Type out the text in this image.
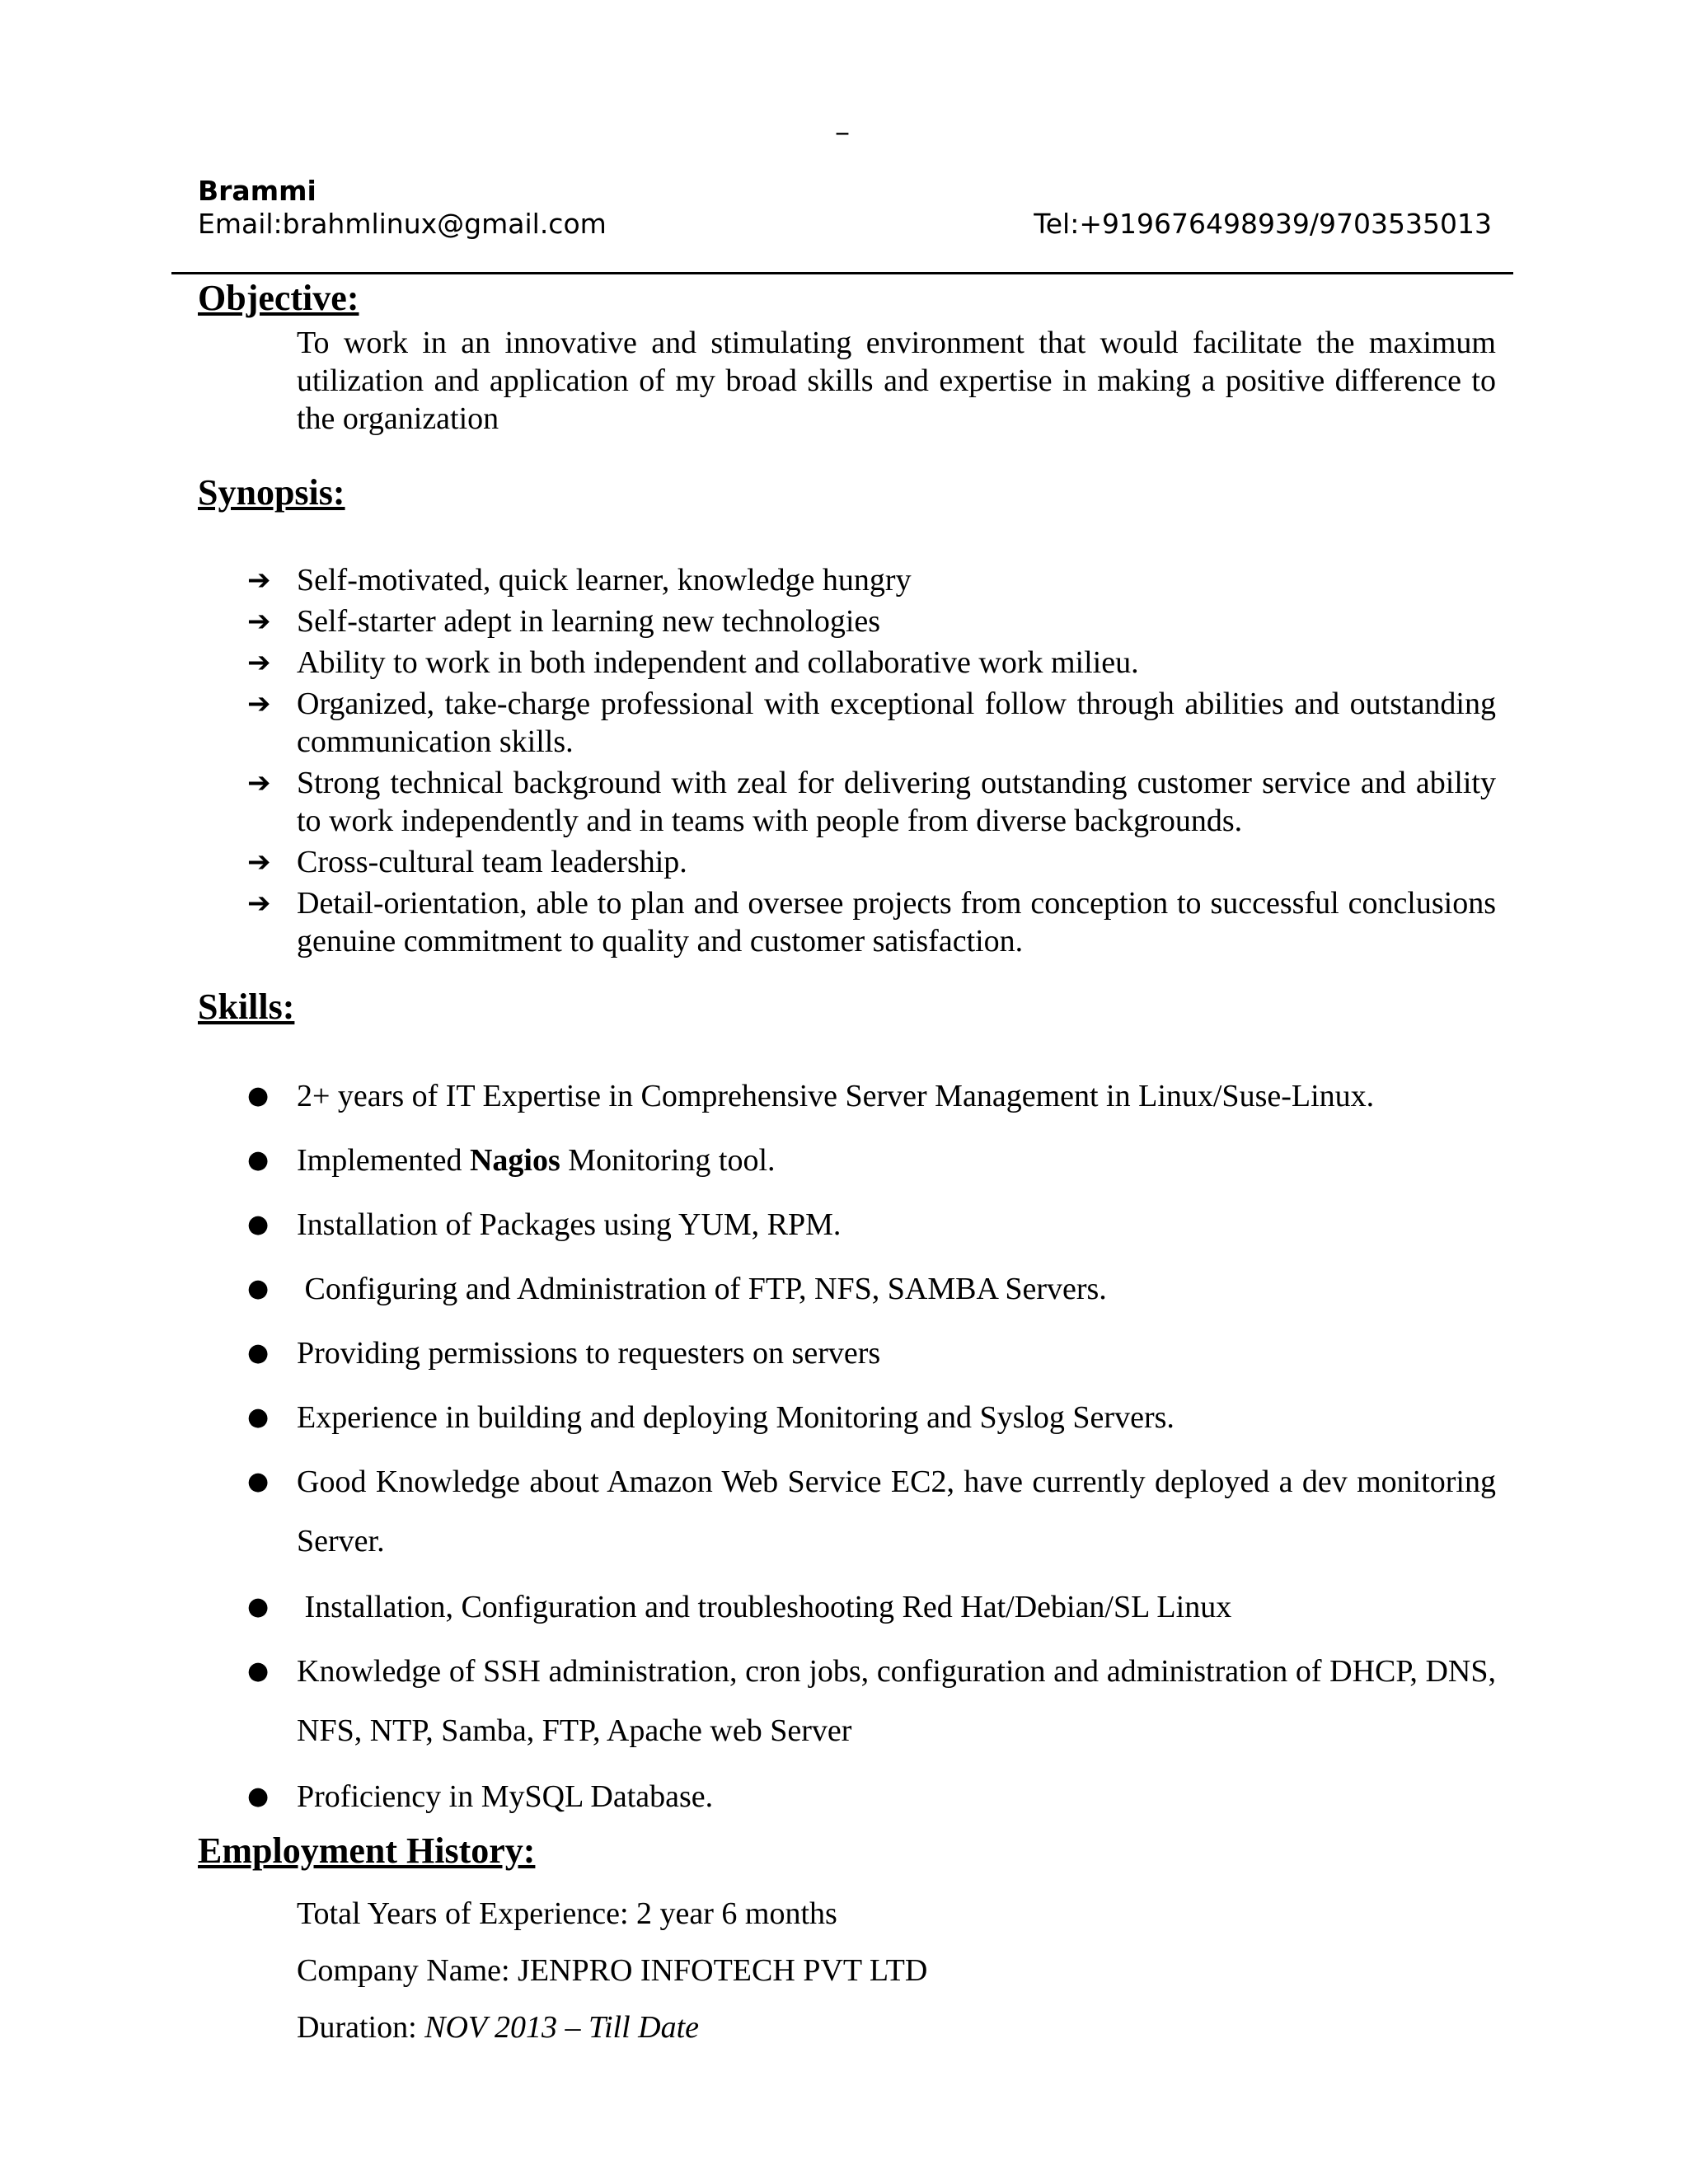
–
Brammi
Email:brahmlinux@gmail.com	Tel:+919676498939/9703535013
Objective:
To work in an innovative and stimulating environment that would facilitate the maximum utilization and application of my broad skills and expertise in making a positive difference to the organization
Synopsis:
➔ Self-motivated, quick learner, knowledge hungry
➔ Self-starter adept in learning new technologies
➔ Ability to work in both independent and collaborative work milieu.
➔ Organized, take-charge professional with exceptional follow through abilities and outstanding communication skills.
➔ Strong technical background with zeal for delivering outstanding customer service and ability to work independently and in teams with people from diverse backgrounds.
➔ Cross-cultural team leadership.
➔ Detail-orientation, able to plan and oversee projects from conception to successful conclusions genuine commitment to quality and customer satisfaction.
Skills:
● 2+ years of IT Expertise in Comprehensive Server Management in Linux/Suse-Linux.
● Implemented Nagios Monitoring tool.
● Installation of Packages using YUM, RPM.
● Configuring and Administration of FTP, NFS, SAMBA Servers.
● Providing permissions to requesters on servers
● Experience in building and deploying Monitoring and Syslog Servers.
● Good Knowledge about Amazon Web Service EC2, have currently deployed a dev monitoring Server.
● Installation, Configuration and troubleshooting Red Hat/Debian/SL Linux
● Knowledge of SSH administration, cron jobs, configuration and administration of DHCP, DNS, NFS, NTP, Samba, FTP, Apache web Server
● Proficiency in MySQL Database.
Employment History:
Total Years of Experience: 2 year 6 months
Company Name: JENPRO INFOTECH PVT LTD
Duration: NOV 2013 – Till Date
